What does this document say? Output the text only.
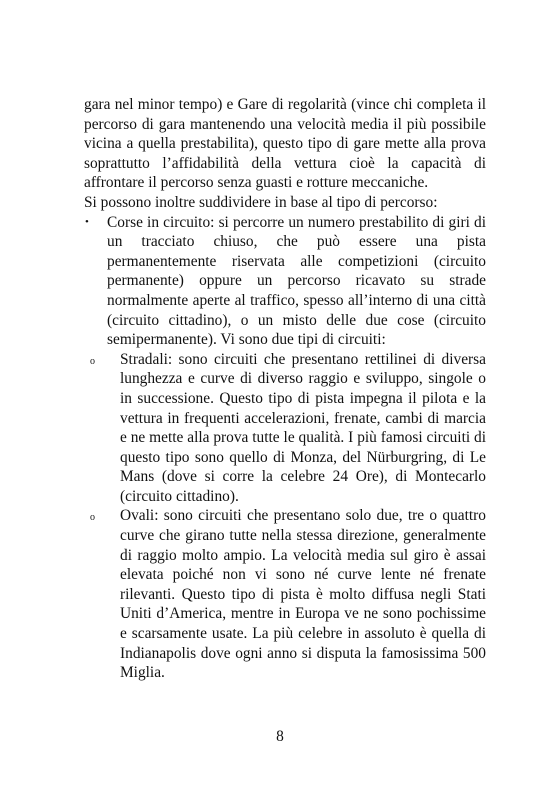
gara nel minor tempo) e Gare di regolarità (vince chi completa il percorso di gara mantenendo una velocità media il più possibile vicina a quella prestabilita), questo tipo di gare mette alla prova soprattutto l’affidabilità della vettura cioè la capacità di affrontare il percorso senza guasti e rotture meccaniche.

Si possono inoltre suddividere in base al tipo di percorso:

• Corse in circuito: si percorre un numero prestabilito di giri di un tracciato chiuso, che può essere una pista permanentemente riservata alle competizioni (circuito permanente) oppure un percorso ricavato su strade normalmente aperte al traffico, spesso all’interno di una città (circuito cittadino), o un misto delle due cose (circuito semipermanente). Vi sono due tipi di circuiti:
o Stradali: sono circuiti che presentano rettilinei di diversa lunghezza e curve di diverso raggio e sviluppo, singole o in successione. Questo tipo di pista impegna il pilota e la vettura in frequenti accelerazioni, frenate, cambi di marcia e ne mette alla prova tutte le qualità. I più famosi circuiti di questo tipo sono quello di Monza, del Nürburgring, di Le Mans (dove si corre la celebre 24 Ore), di Montecarlo (circuito cittadino).
o Ovali: sono circuiti che presentano solo due, tre o quattro curve che girano tutte nella stessa direzione, generalmente di raggio molto ampio. La velocità media sul giro è assai elevata poiché non vi sono né curve lente né frenate rilevanti. Questo tipo di pista è molto diffusa negli Stati Uniti d’America, mentre in Europa ve ne sono pochissime e scarsamente usate. La più celebre in assoluto è quella di Indianapolis dove ogni anno si disputa la famosissima 500 Miglia.
8
